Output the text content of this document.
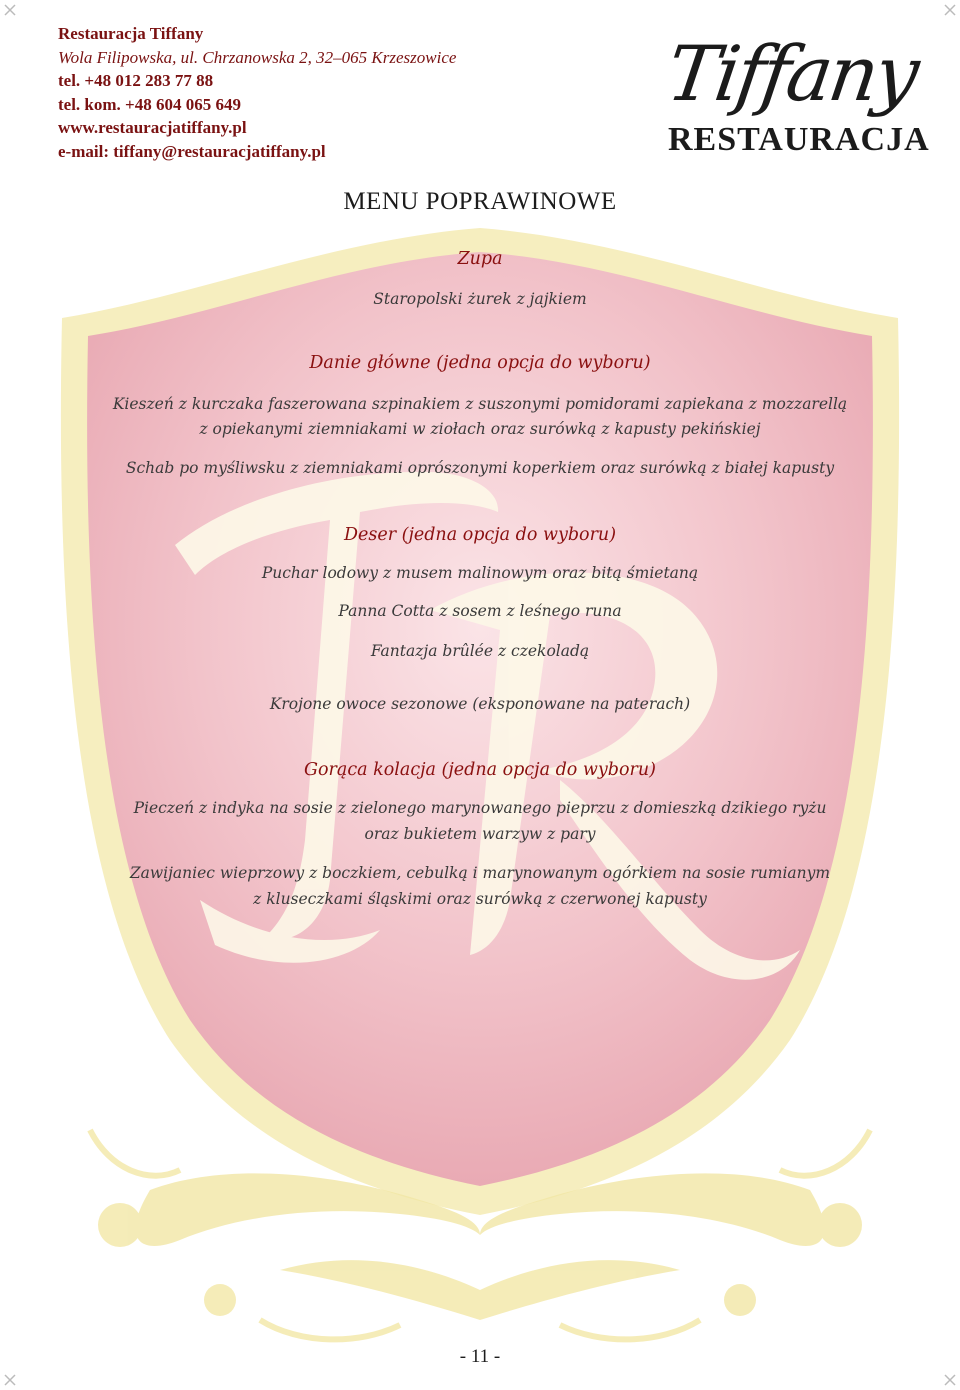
Restauracja Tiffany
Wola Filipowska, ul. Chrzanowska 2, 32–065 Krzeszowice
tel. +48 012 283 77 88
tel. kom. +48 604 065 649
www.restauracjatiffany.pl
e-mail: tiffany@restauracjatiffany.pl
Tiffany
RESTAURACJA
MENU POPRAWINOWE
Zupa
Staropolski żurek z jajkiem
Danie główne (jedna opcja do wyboru)
Kieszeń z kurczaka faszerowana szpinakiem z suszonymi pomidorami zapiekana z mozzarellą
z opiekanymi ziemniakami w ziołach oraz surówką z kapusty pekińskiej
Schab po myśliwsku z ziemniakami oprószonymi koperkiem oraz surówką z białej kapusty
Deser (jedna opcja do wyboru)
Puchar lodowy z musem malinowym oraz bitą śmietaną
Panna Cotta z sosem z leśnego runa
Fantazja brûlée z czekoladą
Krojone owoce sezonowe (eksponowane na paterach)
Gorąca kolacja (jedna opcja do wyboru)
Pieczeń z indyka na sosie z zielonego marynowanego pieprzu z domieszką dzikiego ryżu
oraz bukietem warzyw z pary
Zawijaniec wieprzowy z boczkiem, cebulką i marynowanym ogórkiem na sosie rumianym
z kluseczkami śląskimi oraz surówką z czerwonej kapusty
- 11 -
